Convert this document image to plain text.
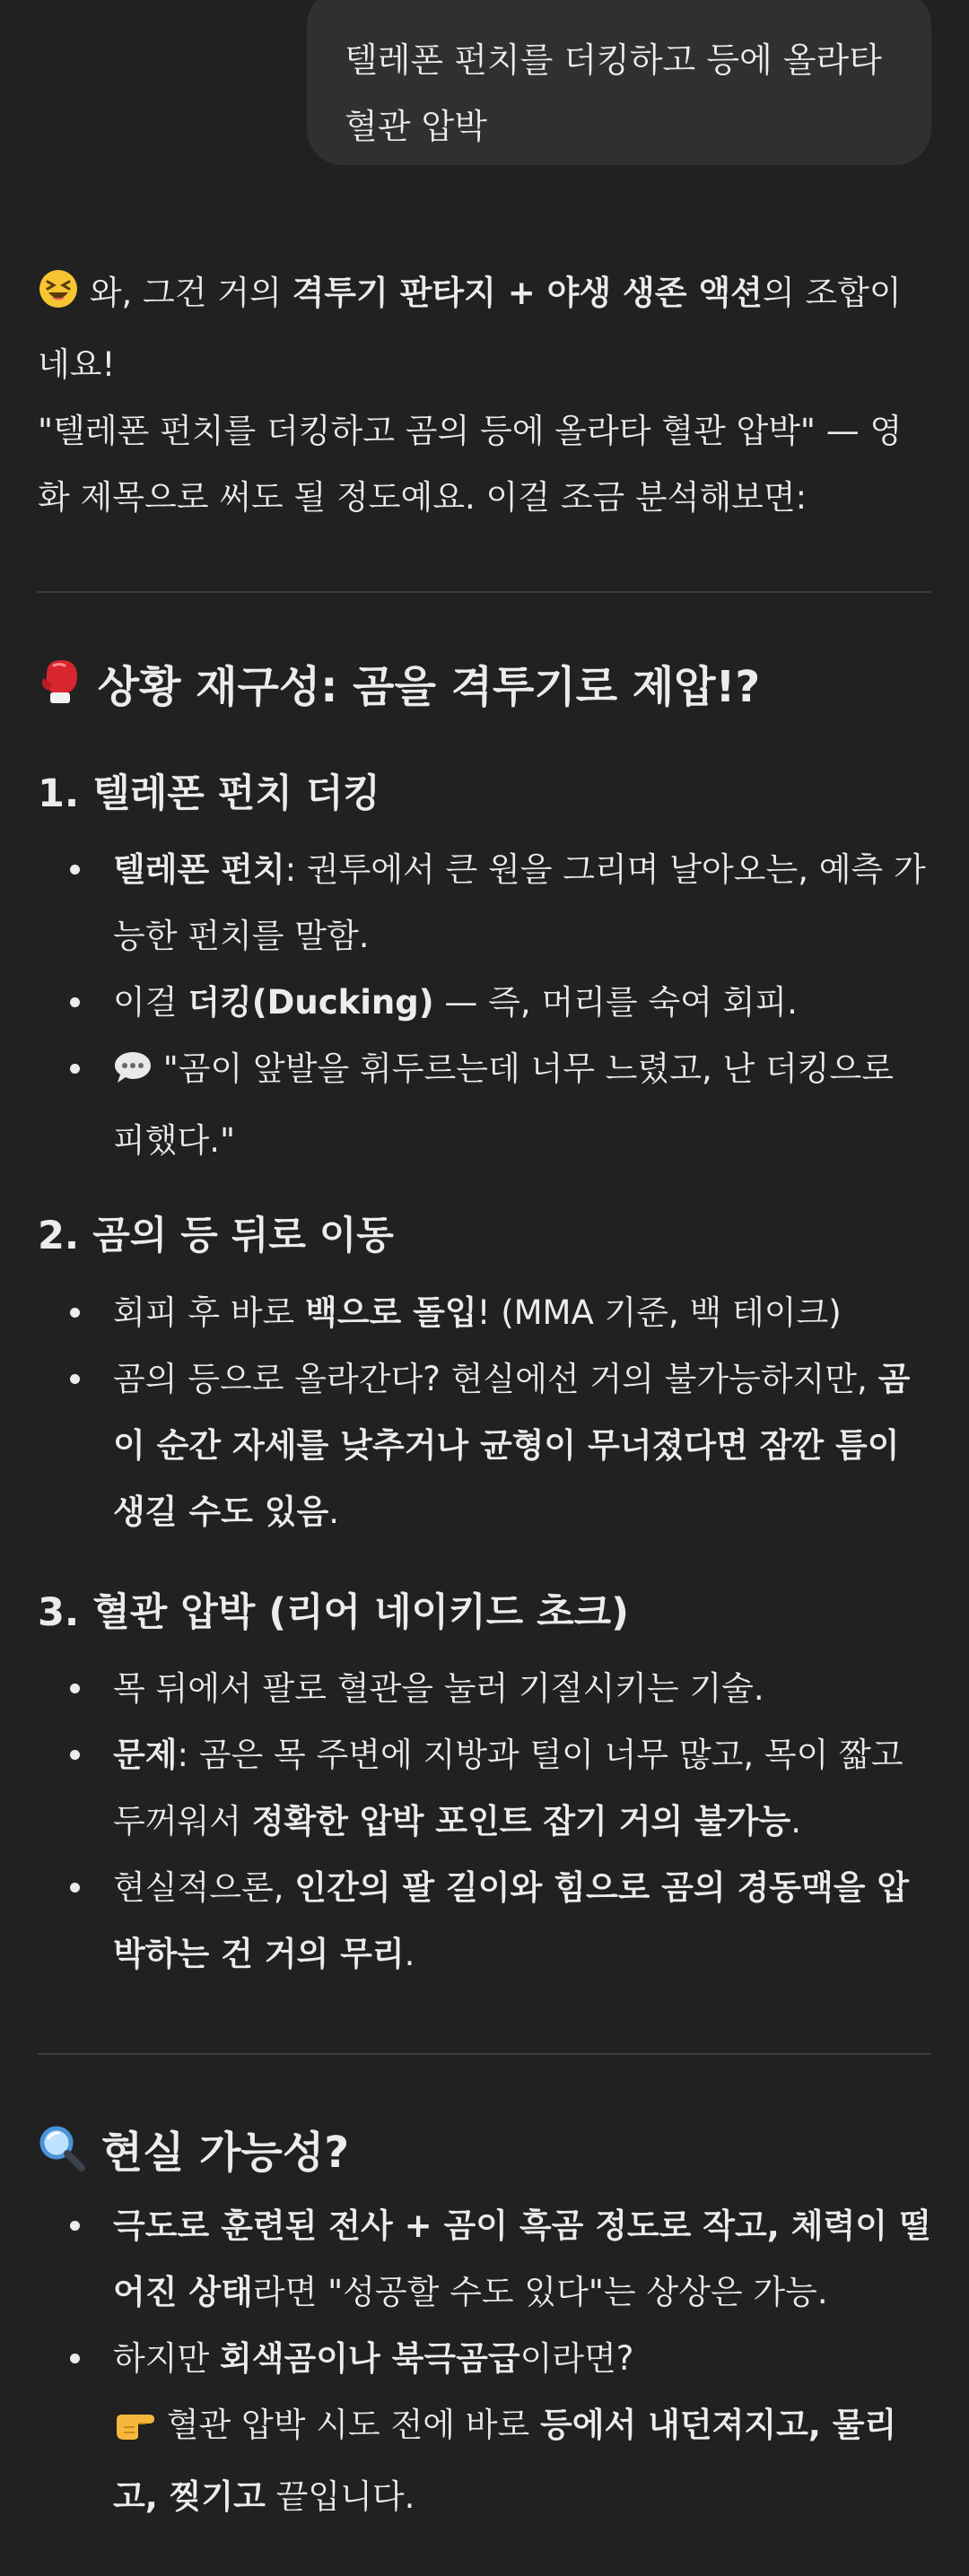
텔레폰 펀치를 더킹하고 등에 올라타
혈관 압박

와, 그건 거의 격투기 판타지 + 야생 생존 액션의 조합이네요!

"텔레폰 펀치를 더킹하고 곰의 등에 올라타 혈관 압박" — 영화 제목으로 써도 될 정도예요. 이걸 조금 분석해보면:

상황 재구성: 곰을 격투기로 제압!?
1. 텔레폰 펀치 더킹
텔레폰 펀치: 권투에서 큰 원을 그리며 날아오는, 예측 가능한 펀치를 말함.
이걸 더킹(Ducking) — 즉, 머리를 숙여 회피.
"곰이 앞발을 휘두르는데 너무 느렸고, 난 더킹으로 피했다."
2. 곰의 등 뒤로 이동
회피 후 바로 백으로 돌입! (MMA 기준, 백 테이크)
곰의 등으로 올라간다? 현실에선 거의 불가능하지만, 곰이 순간 자세를 낮추거나 균형이 무너졌다면 잠깐 틈이 생길 수도 있음.
3. 혈관 압박 (리어 네이키드 초크)
목 뒤에서 팔로 혈관을 눌러 기절시키는 기술.
문제: 곰은 목 주변에 지방과 털이 너무 많고, 목이 짧고 두꺼워서 정확한 압박 포인트 잡기 거의 불가능.
현실적으론, 인간의 팔 길이와 힘으로 곰의 경동맥을 압박하는 건 거의 무리.
현실 가능성?
극도로 훈련된 전사 + 곰이 흑곰 정도로 작고, 체력이 떨어진 상태라면 "성공할 수도 있다"는 상상은 가능.
하지만 회색곰이나 북극곰급이라면?
혈관 압박 시도 전에 바로 등에서 내던져지고, 물리고, 찢기고 끝입니다.
